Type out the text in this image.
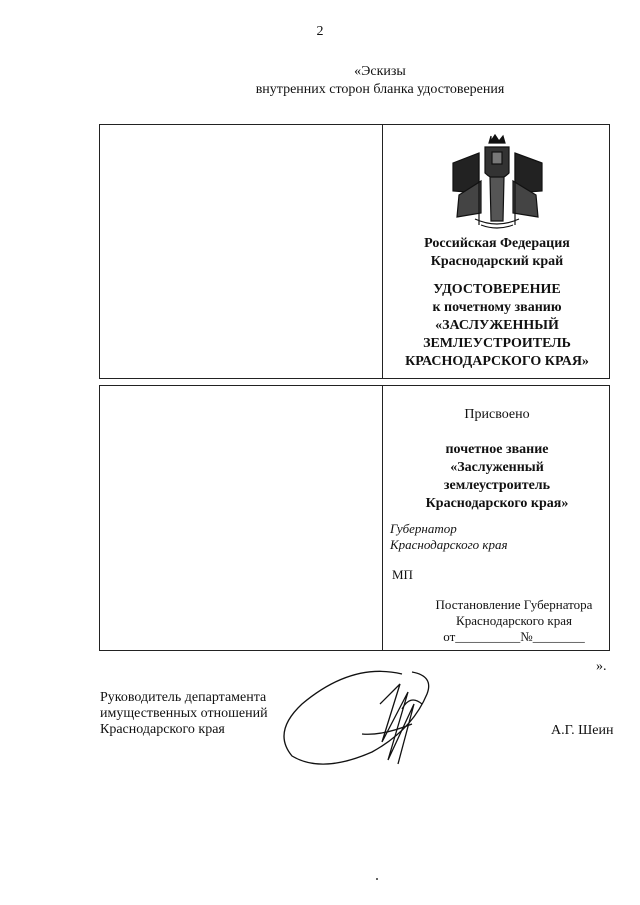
2
«Эскизы
внутренних сторон бланка удостоверения
Российская Федерация
Краснодарский край
УДОСТОВЕРЕНИЕ
к почетному званию
«ЗАСЛУЖЕННЫЙ
ЗЕМЛЕУСТРОИТЕЛЬ
КРАСНОДАРСКОГО КРАЯ»
Присвоено
почетное звание
«Заслуженный
землеустроитель
Краснодарского края»
Губернатор
Краснодарского края
МП
Постановление Губернатора
Краснодарского края
от__________№________
».
Руководитель департамента
имущественных отношений
Краснодарского края	А.Г. Шеин
